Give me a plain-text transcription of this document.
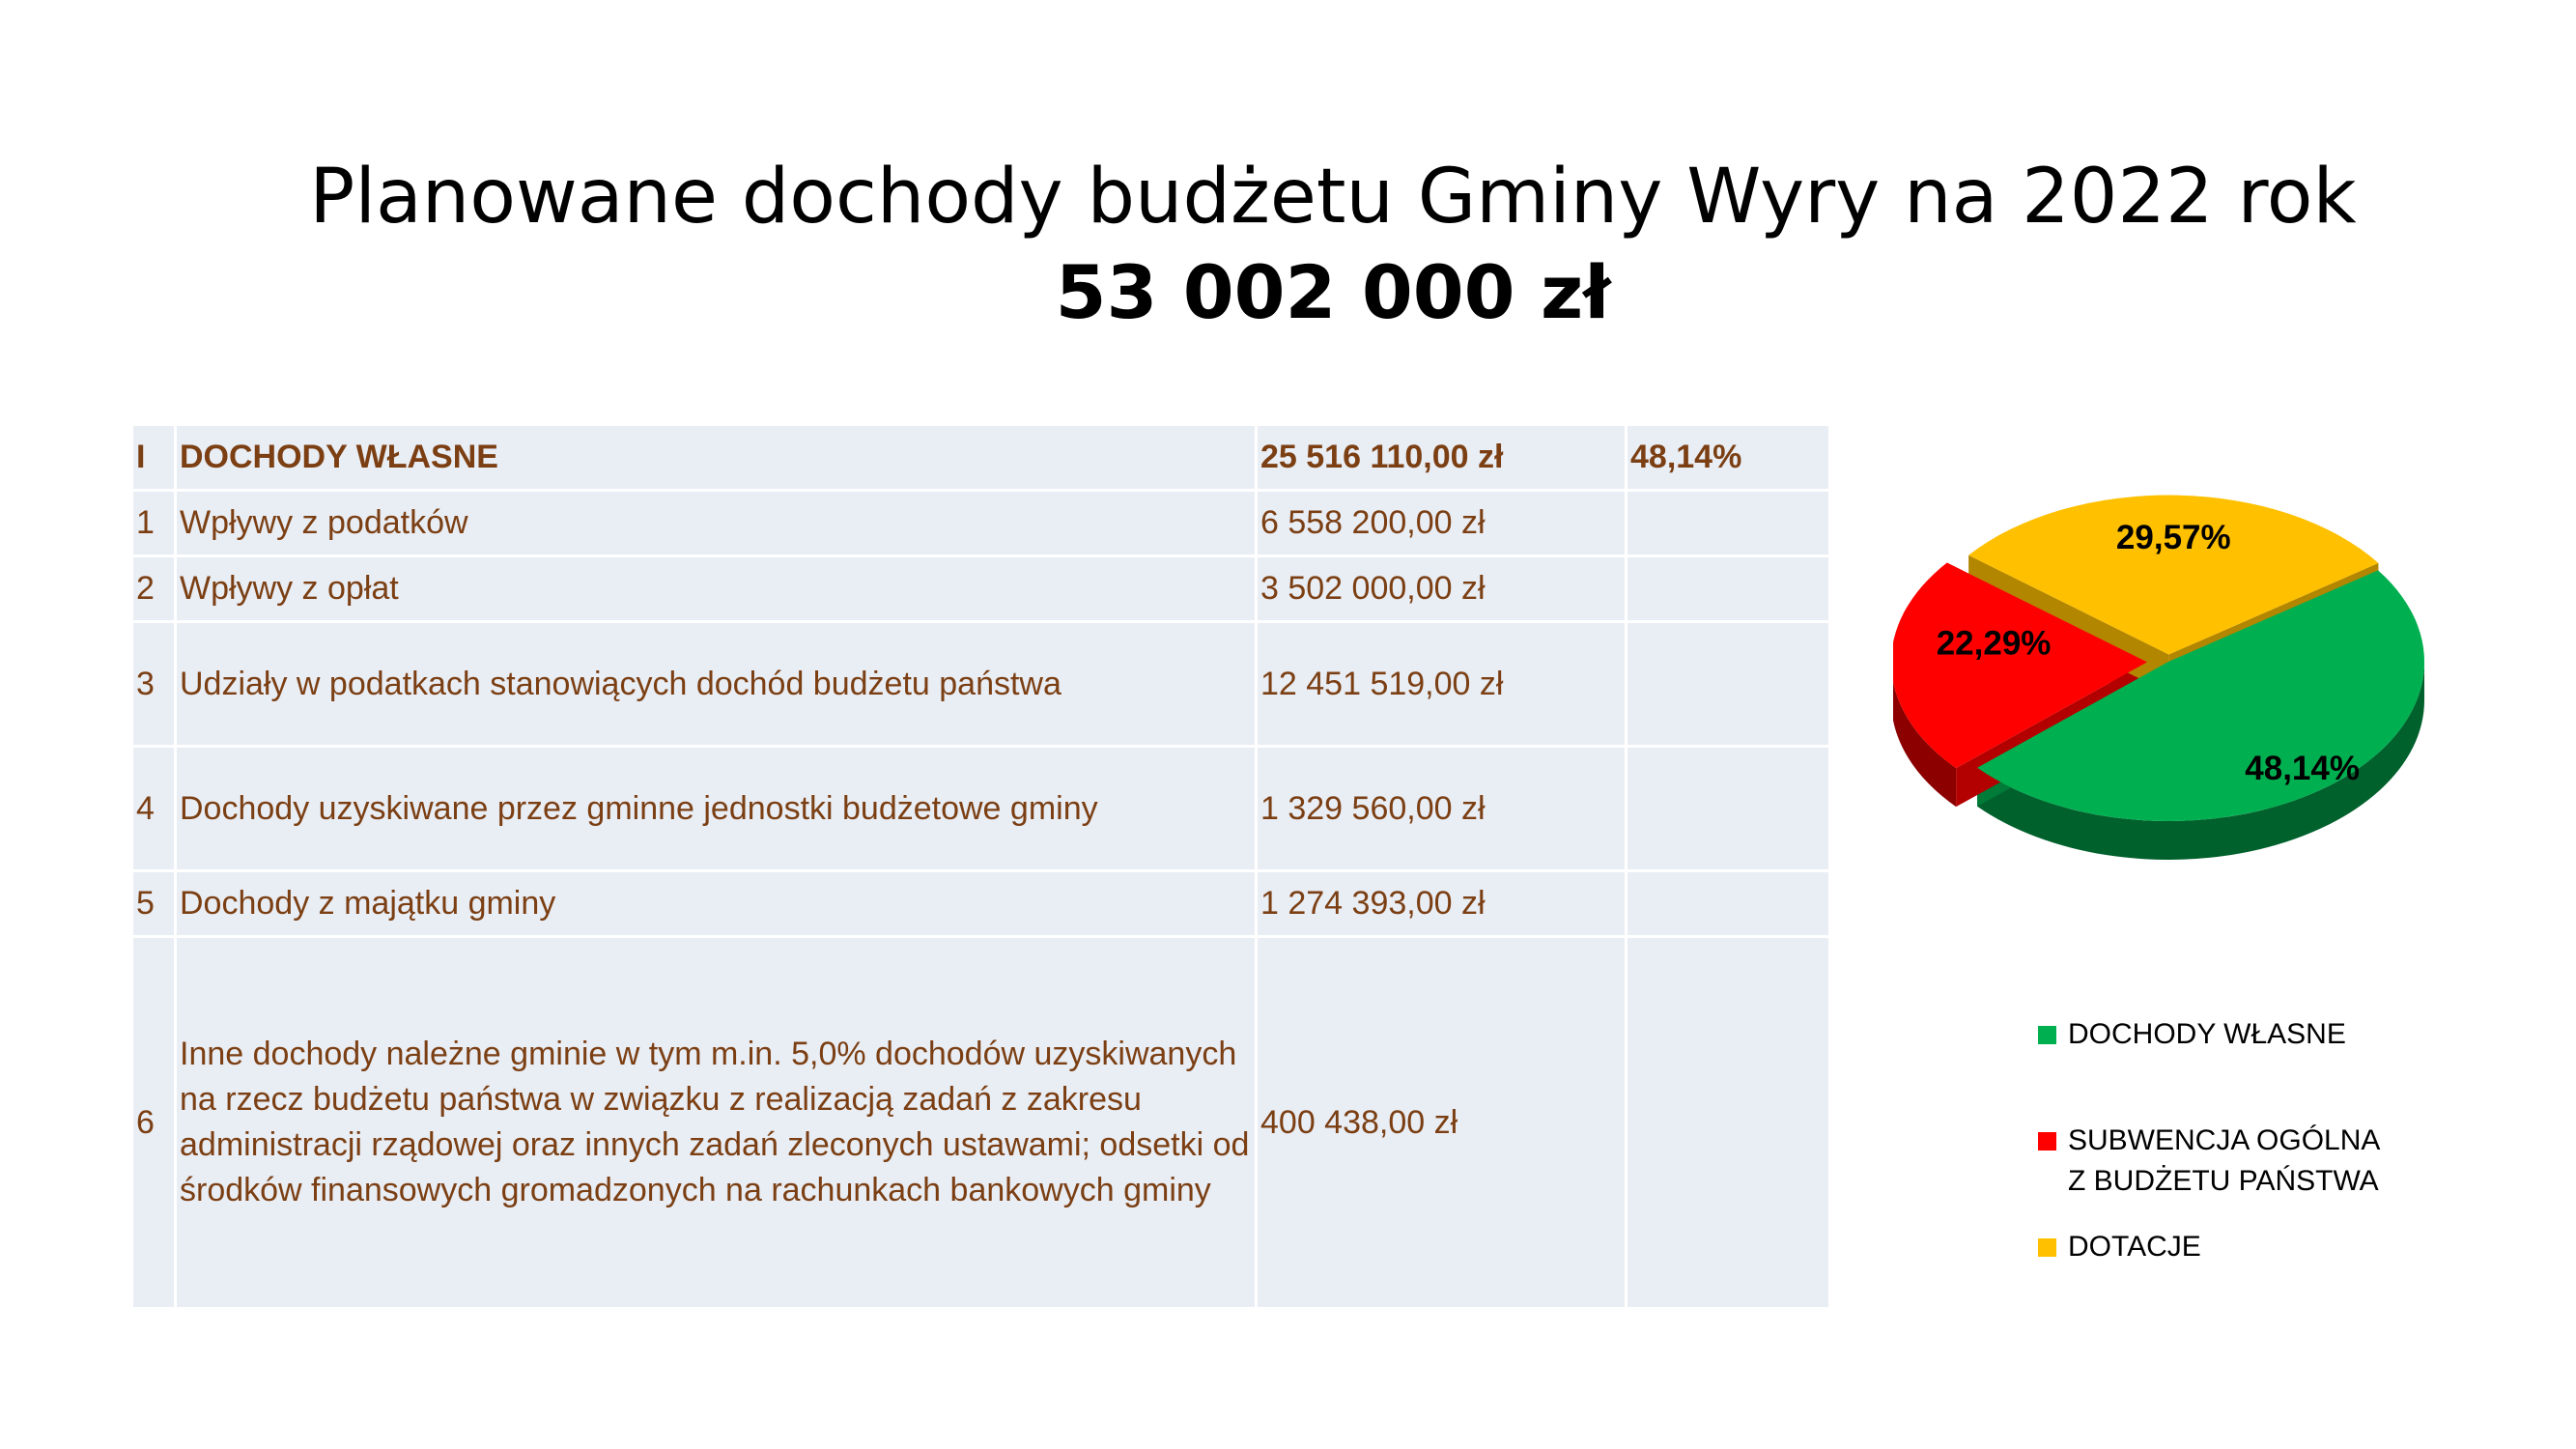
Planowane dochody budżetu Gminy Wyry na 2022 rok
53 002 000 zł
I	DOCHODY WŁASNE	25 516 110,00 zł	48,14%
1	Wpływy z podatków	6 558 200,00 zł	
2	Wpływy z opłat	3 502 000,00 zł	
3	Udziały w podatkach stanowiących dochód budżetu państwa	12 451 519,00 zł	
4	Dochody uzyskiwane przez gminne jednostki budżetowe gminy	1 329 560,00 zł	
5	Dochody z majątku gminy	1 274 393,00 zł	
6	Inne dochody należne gminie w tym m.in. 5,0% dochodów uzyskiwanych na rzecz budżetu państwa w związku z realizacją zadań z zakresu administracji rządowej oraz innych zadań zleconych ustawami; odsetki od środków finansowych gromadzonych na rachunkach bankowych gminy	400 438,00 zł	
48,14%
22,29%
29,57%
DOCHODY WŁASNE
SUBWENCJA OGÓLNA
Z BUDŻETU PAŃSTWA
DOTACJE
